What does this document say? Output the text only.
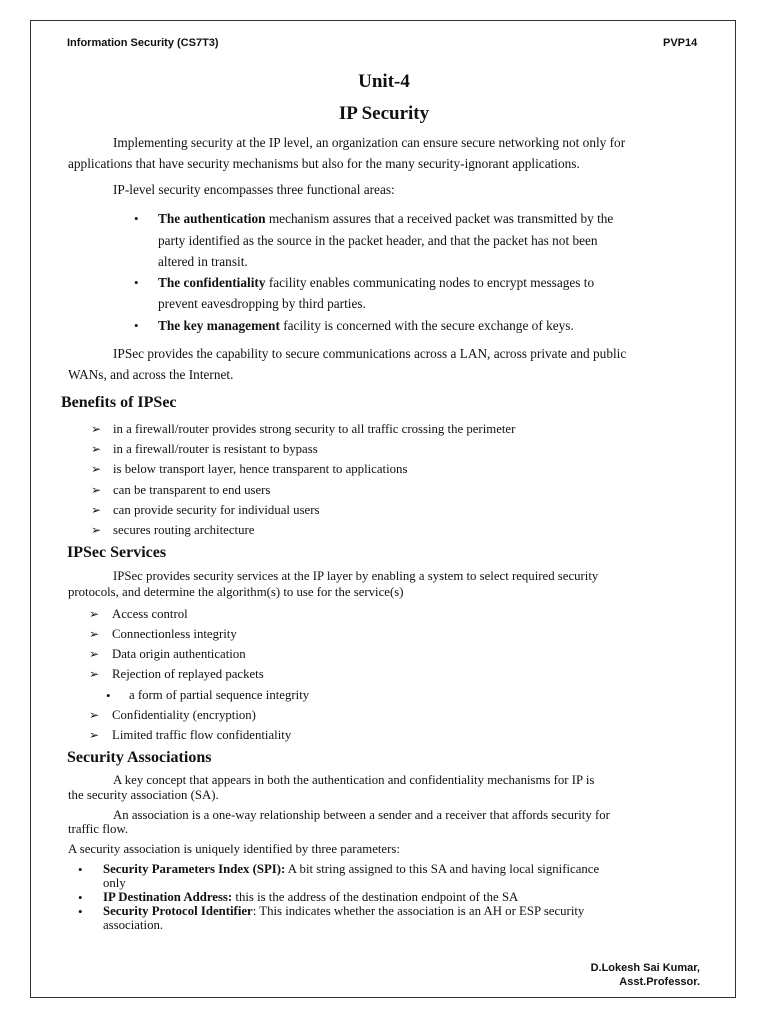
Information Security (CS7T3)	PVP14
Unit-4
IP Security
Implementing security at the IP level, an organization can ensure secure networking not only for
applications that have security mechanisms but also for the many security-ignorant applications.
IP-level security encompasses three functional areas:
• The authentication mechanism assures that a received packet was transmitted by the
party identified as the source in the packet header, and that the packet has not been
altered in transit.
• The confidentiality facility enables communicating nodes to encrypt messages to
prevent eavesdropping by third parties.
• The key management facility is concerned with the secure exchange of keys.
IPSec provides the capability to secure communications across a LAN, across private and public
WANs, and across the Internet.
Benefits of IPSec
➢ in a firewall/router provides strong security to all traffic crossing the perimeter
➢ in a firewall/router is resistant to bypass
➢ is below transport layer, hence transparent to applications
➢ can be transparent to end users
➢ can provide security for individual users
➢ secures routing architecture
IPSec Services
IPSec provides security services at the IP layer by enabling a system to select required security
protocols, and determine the algorithm(s) to use for the service(s)
➢ Access control
➢ Connectionless integrity
➢ Data origin authentication
➢ Rejection of replayed packets
• a form of partial sequence integrity
➢ Confidentiality (encryption)
➢ Limited traffic flow confidentiality
Security Associations
A key concept that appears in both the authentication and confidentiality mechanisms for IP is
the security association (SA).
An association is a one-way relationship between a sender and a receiver that affords security for
traffic flow.
A security association is uniquely identified by three parameters:
• Security Parameters Index (SPI): A bit string assigned to this SA and having local significance
only
• IP Destination Address: this is the address of the destination endpoint of the SA
• Security Protocol Identifier: This indicates whether the association is an AH or ESP security
association.
D.Lokesh Sai Kumar,
Asst.Professor.
